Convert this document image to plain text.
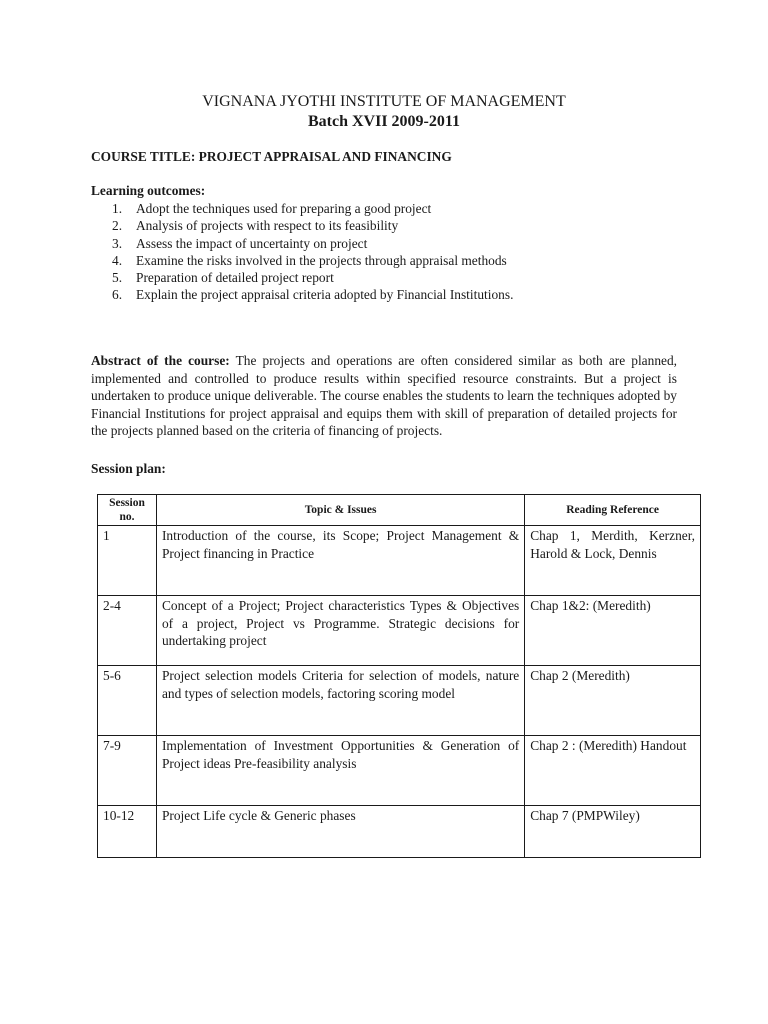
VIGNANA JYOTHI INSTITUTE OF MANAGEMENT
Batch XVII 2009-2011
COURSE TITLE: PROJECT APPRAISAL AND FINANCING
Learning outcomes:
1. Adopt the techniques used for preparing a good project
2. Analysis of projects with respect to its feasibility
3. Assess the impact of uncertainty on project
4. Examine the risks involved in the projects through appraisal methods
5. Preparation of detailed project report
6. Explain the project appraisal criteria adopted by Financial Institutions.

Abstract of the course: The projects and operations are often considered similar as both are planned, implemented and controlled to produce results within specified resource constraints. But a project is undertaken to produce unique deliverable. The course enables the students to learn the techniques adopted by Financial Institutions for project appraisal and equips them with skill of preparation of detailed projects for the projects planned based on the criteria of financing of projects.

Session plan:
Session no.	Topic & Issues	Reading Reference
1	Introduction of the course, its Scope; Project Management & Project financing in Practice	Chap 1, Merdith, Kerzner, Harold & Lock, Dennis
2-4	Concept of a Project; Project characteristics Types & Objectives of a project, Project vs Programme. Strategic decisions for undertaking project	Chap 1&2: (Meredith)
5-6	Project selection models Criteria for selection of models, nature and types of selection models, factoring scoring model	Chap 2 (Meredith)
7-9	Implementation of Investment Opportunities & Generation of Project ideas Pre-feasibility analysis	Chap 2 : (Meredith) Handout
10-12	Project Life cycle & Generic phases	Chap 7 (PMPWiley)
